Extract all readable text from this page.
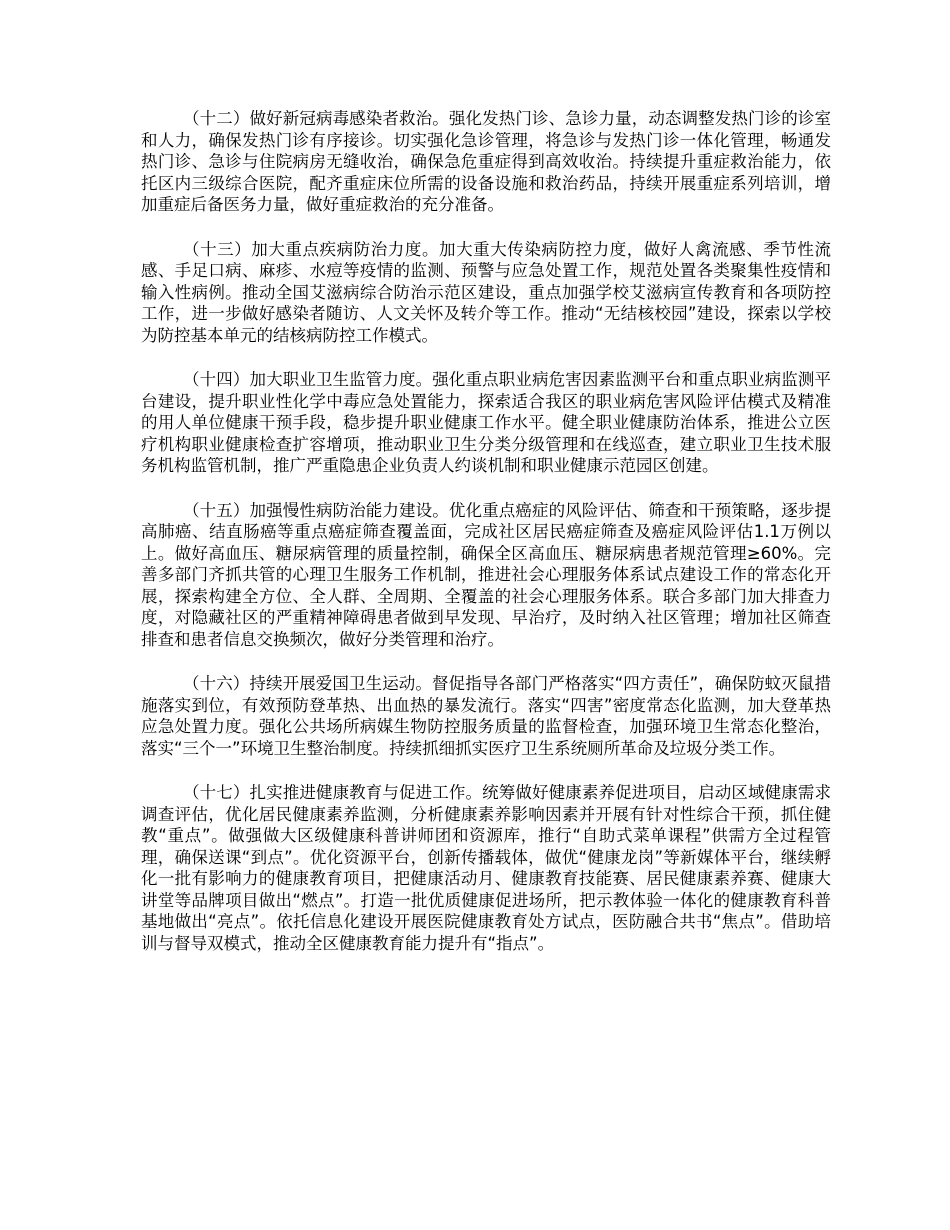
（十二）做好新冠病毒感染者救治。强化发热门诊、急诊力量，动态调整发热门诊的诊室和人力，确保发热门诊有序接诊。切实强化急诊管理，将急诊与发热门诊一体化管理，畅通发热门诊、急诊与住院病房无缝收治，确保急危重症得到高效收治。持续提升重症救治能力，依托区内三级综合医院，配齐重症床位所需的设备设施和救治药品，持续开展重症系列培训，增加重症后备医务力量，做好重症救治的充分准备。

（十三）加大重点疾病防治力度。加大重大传染病防控力度，做好人禽流感、季节性流感、手足口病、麻疹、水痘等疫情的监测、预警与应急处置工作，规范处置各类聚集性疫情和输入性病例。推动全国艾滋病综合防治示范区建设，重点加强学校艾滋病宣传教育和各项防控工作，进一步做好感染者随访、人文关怀及转介等工作。推动“无结核校园”建设，探索以学校为防控基本单元的结核病防控工作模式。

（十四）加大职业卫生监管力度。强化重点职业病危害因素监测平台和重点职业病监测平台建设，提升职业性化学中毒应急处置能力，探索适合我区的职业病危害风险评估模式及精准的用人单位健康干预手段，稳步提升职业健康工作水平。健全职业健康防治体系，推进公立医疗机构职业健康检查扩容增项，推动职业卫生分类分级管理和在线巡查，建立职业卫生技术服务机构监管机制，推广严重隐患企业负责人约谈机制和职业健康示范园区创建。

（十五）加强慢性病防治能力建设。优化重点癌症的风险评估、筛查和干预策略，逐步提高肺癌、结直肠癌等重点癌症筛查覆盖面，完成社区居民癌症筛查及癌症风险评估1.1万例以上。做好高血压、糖尿病管理的质量控制，确保全区高血压、糖尿病患者规范管理≥60%。完善多部门齐抓共管的心理卫生服务工作机制，推进社会心理服务体系试点建设工作的常态化开展，探索构建全方位、全人群、全周期、全覆盖的社会心理服务体系。联合多部门加大排查力度，对隐藏社区的严重精神障碍患者做到早发现、早治疗，及时纳入社区管理；增加社区筛查排查和患者信息交换频次，做好分类管理和治疗。

（十六）持续开展爱国卫生运动。督促指导各部门严格落实“四方责任”，确保防蚊灭鼠措施落实到位，有效预防登革热、出血热的暴发流行。落实“四害”密度常态化监测，加大登革热应急处置力度。强化公共场所病媒生物防控服务质量的监督检查，加强环境卫生常态化整治，落实“三个一”环境卫生整治制度。持续抓细抓实医疗卫生系统厕所革命及垃圾分类工作。

（十七）扎实推进健康教育与促进工作。统筹做好健康素养促进项目，启动区域健康需求调查评估，优化居民健康素养监测，分析健康素养影响因素并开展有针对性综合干预，抓住健教“重点”。做强做大区级健康科普讲师团和资源库，推行“自助式菜单课程”供需方全过程管理，确保送课“到点”。优化资源平台，创新传播载体，做优“健康龙岗”等新媒体平台，继续孵化一批有影响力的健康教育项目，把健康活动月、健康教育技能赛、居民健康素养赛、健康大讲堂等品牌项目做出“燃点”。打造一批优质健康促进场所，把示教体验一体化的健康教育科普基地做出“亮点”。依托信息化建设开展医院健康教育处方试点，医防融合共书“焦点”。借助培训与督导双模式，推动全区健康教育能力提升有“指点”。
